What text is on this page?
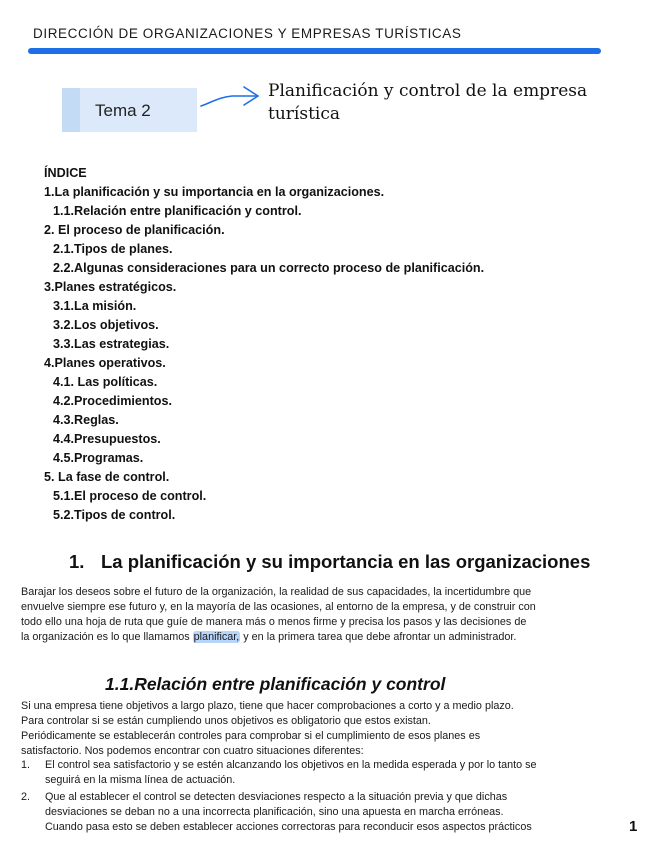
DIRECCIÓN DE ORGANIZACIONES Y EMPRESAS TURÍSTICAS
Tema 2
Planificación y control de la empresa
turística
ÍNDICE
1.La planificación y su importancia en la organizaciones.
1.1.Relación entre planificación y control.
2. El proceso de planificación.
2.1.Tipos de planes.
2.2.Algunas consideraciones para un correcto proceso de planificación.
3.Planes estratégicos.
3.1.La misión.
3.2.Los objetivos.
3.3.Las estrategias.
4.Planes operativos.
4.1. Las políticas.
4.2.Procedimientos.
4.3.Reglas.
4.4.Presupuestos.
4.5.Programas.
5. La fase de control.
5.1.El proceso de control.
5.2.Tipos de control.
1. La planificación y su importancia en las organizaciones
Barajar los deseos sobre el futuro de la organización, la realidad de sus capacidades, la incertidumbre que
envuelve siempre ese futuro y, en la mayoría de las ocasiones, al entorno de la empresa, y de construir con
todo ello una hoja de ruta que guíe de manera más o menos firme y precisa los pasos y las decisiones de
la organización es lo que llamamos planificar, y en la primera tarea que debe afrontar un administrador.
1.1.Relación entre planificación y control
Si una empresa tiene objetivos a largo plazo, tiene que hacer comprobaciones a corto y a medio plazo.
Para controlar si se están cumpliendo unos objetivos es obligatorio que estos existan.
Periódicamente se establecerán controles para comprobar si el cumplimiento de esos planes es
satisfactorio. Nos podemos encontrar con cuatro situaciones diferentes:
1. El control sea satisfactorio y se estén alcanzando los objetivos en la medida esperada y por lo tanto se
seguirá en la misma línea de actuación.
2. Que al establecer el control se detecten desviaciones respecto a la situación previa y que dichas
desviaciones se deban no a una incorrecta planificación, sino una apuesta en marcha erróneas.
Cuando pasa esto se deben establecer acciones correctoras para reconducir esos aspectos prácticos	1
